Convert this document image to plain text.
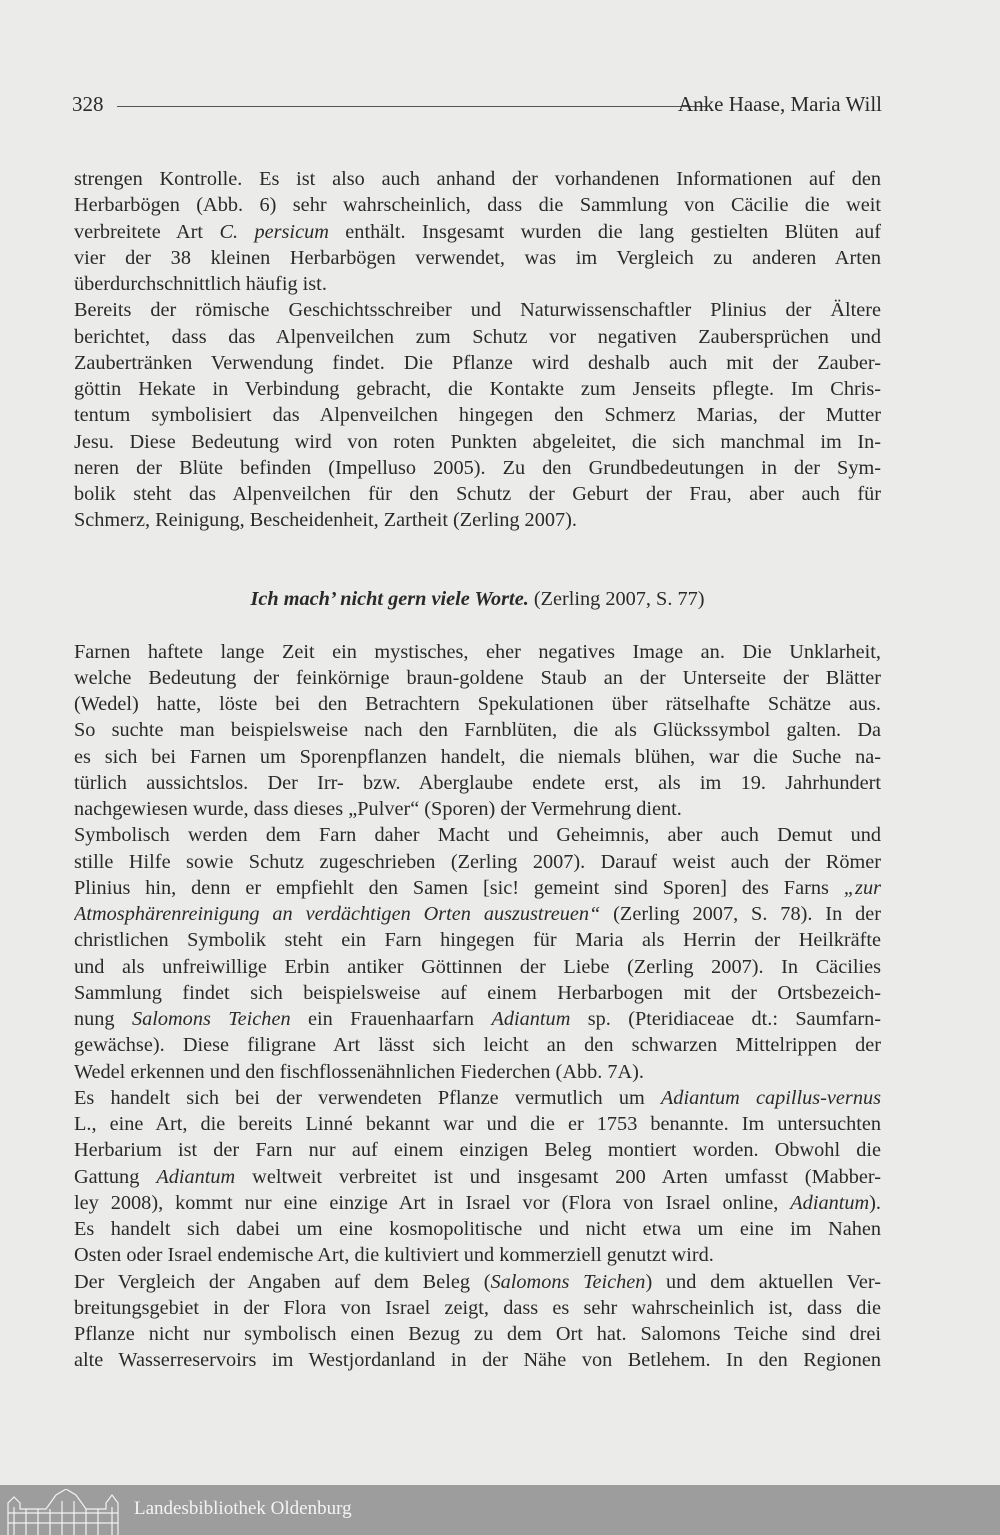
328	Anke Haase, Maria Will
strengen Kontrolle. Es ist also auch anhand der vorhandenen Informationen auf den
Herbarbögen (Abb. 6) sehr wahrscheinlich, dass die Sammlung von Cäcilie die weit
verbreitete Art C. persicum enthält. Insgesamt wurden die lang gestielten Blüten auf
vier der 38 kleinen Herbarbögen verwendet, was im Vergleich zu anderen Arten
überdurchschnittlich häufig ist.
Bereits der römische Geschichtsschreiber und Naturwissenschaftler Plinius der Ältere
berichtet, dass das Alpenveilchen zum Schutz vor negativen Zaubersprüchen und
Zaubertränken Verwendung findet. Die Pflanze wird deshalb auch mit der Zauber-
göttin Hekate in Verbindung gebracht, die Kontakte zum Jenseits pflegte. Im Chris-
tentum symbolisiert das Alpenveilchen hingegen den Schmerz Marias, der Mutter
Jesu. Diese Bedeutung wird von roten Punkten abgeleitet, die sich manchmal im In-
neren der Blüte befinden (Impelluso 2005). Zu den Grundbedeutungen in der Sym-
bolik steht das Alpenveilchen für den Schutz der Geburt der Frau, aber auch für
Schmerz, Reinigung, Bescheidenheit, Zartheit (Zerling 2007).
Ich mach’ nicht gern viele Worte. (Zerling 2007, S. 77)
Farnen haftete lange Zeit ein mystisches, eher negatives Image an. Die Unklarheit,
welche Bedeutung der feinkörnige braun-goldene Staub an der Unterseite der Blätter
(Wedel) hatte, löste bei den Betrachtern Spekulationen über rätselhafte Schätze aus.
So suchte man beispielsweise nach den Farnblüten, die als Glückssymbol galten. Da
es sich bei Farnen um Sporenpflanzen handelt, die niemals blühen, war die Suche na-
türlich aussichtslos. Der Irr- bzw. Aberglaube endete erst, als im 19. Jahrhundert
nachgewiesen wurde, dass dieses „Pulver“ (Sporen) der Vermehrung dient.
Symbolisch werden dem Farn daher Macht und Geheimnis, aber auch Demut und
stille Hilfe sowie Schutz zugeschrieben (Zerling 2007). Darauf weist auch der Römer
Plinius hin, denn er empfiehlt den Samen [sic! gemeint sind Sporen] des Farns „zur
Atmosphärenreinigung an verdächtigen Orten auszustreuen“ (Zerling 2007, S. 78). In der
christlichen Symbolik steht ein Farn hingegen für Maria als Herrin der Heilkräfte
und als unfreiwillige Erbin antiker Göttinnen der Liebe (Zerling 2007). In Cäcilies
Sammlung findet sich beispielsweise auf einem Herbarbogen mit der Ortsbezeich-
nung Salomons Teichen ein Frauenhaarfarn Adiantum sp. (Pteridiaceae dt.: Saumfarn-
gewächse). Diese filigrane Art lässt sich leicht an den schwarzen Mittelrippen der
Wedel erkennen und den fischflossenähnlichen Fiederchen (Abb. 7A).
Es handelt sich bei der verwendeten Pflanze vermutlich um Adiantum capillus-vernus
L., eine Art, die bereits Linné bekannt war und die er 1753 benannte. Im untersuchten
Herbarium ist der Farn nur auf einem einzigen Beleg montiert worden. Obwohl die
Gattung Adiantum weltweit verbreitet ist und insgesamt 200 Arten umfasst (Mabber-
ley 2008), kommt nur eine einzige Art in Israel vor (Flora von Israel online, Adiantum).
Es handelt sich dabei um eine kosmopolitische und nicht etwa um eine im Nahen
Osten oder Israel endemische Art, die kultiviert und kommerziell genutzt wird.
Der Vergleich der Angaben auf dem Beleg (Salomons Teichen) und dem aktuellen Ver-
breitungsgebiet in der Flora von Israel zeigt, dass es sehr wahrscheinlich ist, dass die
Pflanze nicht nur symbolisch einen Bezug zu dem Ort hat. Salomons Teiche sind drei
alte Wasserreservoirs im Westjordanland in der Nähe von Betlehem. In den Regionen
Landesbibliothek Oldenburg
